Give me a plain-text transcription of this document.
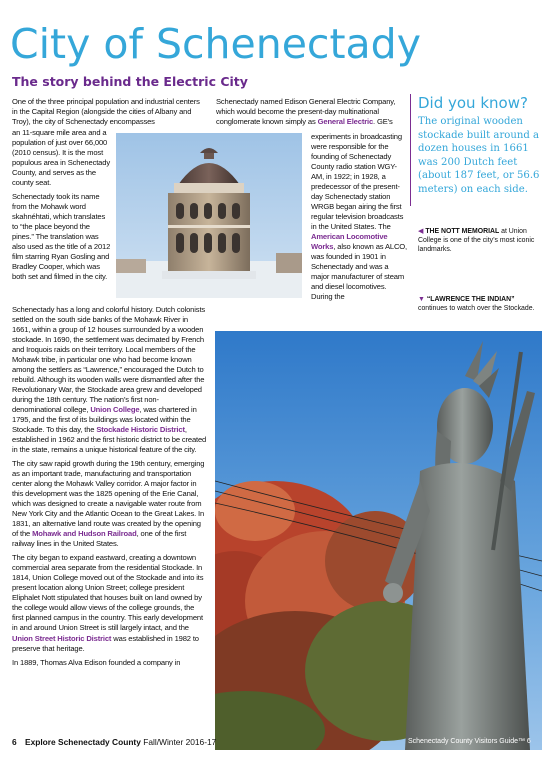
City of Schenectady
The story behind the Electric City

One of the three principal population and industrial centers in the Capital Region (alongside the cities of Albany and Troy), the city of Schenectady encompasses

an 11-square mile area and a population of just over 66,000 (2010 census). It is the most populous area in Schenectady County, and serves as the county seat.

Schenectady took its name from the Mohawk word skahnéhtati, which translates to “the place beyond the pines.” The translation was also used as the title of a 2012 film starring Ryan Gosling and Bradley Cooper, which was both set and filmed in the city.

Schenectady has a long and colorful history. Dutch colonists settled on the south side banks of the Mohawk River in 1661, within a group of 12 houses surrounded by a wooden stockade. In 1690, the settlement was decimated by French and Iroquois raids on their territory. Local members of the Mohawk tribe, in particular one who had become known among the settlers as “Lawrence,” encouraged the Dutch to rebuild. Although its wooden walls were dismantled after the Revolutionary War, the Stockade area grew and developed during the 18th century. The nation’s first non-denominational college, Union College, was chartered in 1795, and the first of its buildings was located within the Stockade. To this day, the Stockade Historic District, established in 1962 and the first historic district to be created in the state, remains a unique historical feature of the city.

The city saw rapid growth during the 19th century, emerging as an important trade, manufacturing and transportation center along the Mohawk Valley corridor. A major factor in this development was the 1825 opening of the Erie Canal, which was designed to create a navigable water route from New York City and the Atlantic Ocean to the Great Lakes. In 1831, an alternative land route was created by the opening of the Mohawk and Hudson Railroad, one of the first railway lines in the United States.

The city began to expand eastward, creating a downtown commercial area separate from the residential Stockade. In 1814, Union College moved out of the Stockade and into its present location along Union Street; college president Eliphalet Nott stipulated that houses built on land owned by the college would allow views of the college grounds, the first planned campus in the country. This early development in and around Union Street is still largely intact, and the Union Street Historic District was established in 1982 to preserve that heritage.

In 1889, Thomas Alva Edison founded a company in

Schenectady named Edison General Electric Company, which would become the present-day multinational conglomerate known simply as General Electric. GE’s

experiments in broadcasting were responsible for the founding of Schenectady County radio station WGY-AM, in 1922; in 1928, a predecessor of the present-day Schenectady station WRGB began airing the first regular television broadcasts in the United States. The American Locomotive Works, also known as ALCO, was founded in 1901 in Schenectady and was a major manufacturer of steam and diesel locomotives. During the

Did you know?
The original wooden stockade built around a dozen houses in 1661 was 200 Dutch feet (about 187 feet, or 56.6 meters) on each side.
◀ THE NOTT MEMORIAL at Union College is one of the city’s most iconic landmarks.
▼ “LAWRENCE THE INDIAN” continues to watch over the Stockade.
6 Explore Schenectady County Fall/Winter 2016-17	Schenectady County Visitors Guide™ 6
